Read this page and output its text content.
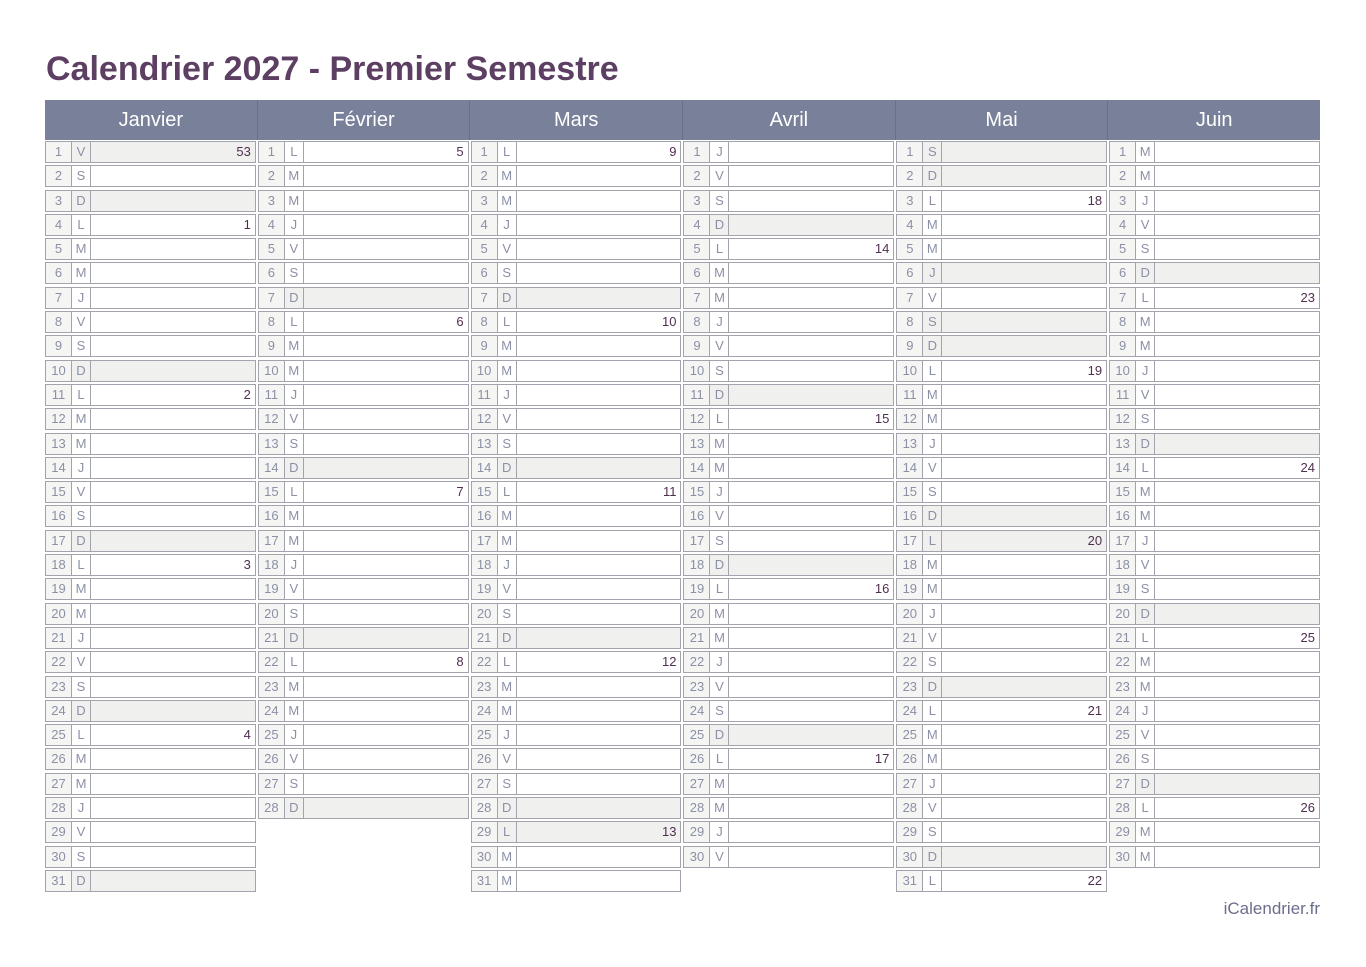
Calendrier 2027 - Premier Semestre
Janvier	Février	Mars	Avril	Mai	Juin
1	V	53
2	S
3	D
4	L	1
5	M
6	M
7	J
8	V
9	S
10 D
11 L	2
12 M
13 M
14 J
15 V
16 S
17 D
18 L	3
19 M
20 M
21 J
22 V
23 S
24 D
25 L	4
26 M
27 M
28 J
29 V
30 S
31 D
1	L	5
2	M
3	M
4	J
5	V
6	S
7	D
8	L	6
9	M
10 M
11 J
12 V
13 S
14 D
15 L	7
16 M
17 M
18 J
19 V
20 S
21 D
22 L	8
23 M
24 M
25 J
26 V
27 S
28 D
1	L	9
2	M
3	M
4	J
5	V
6	S
7	D
8	L	10
9	M
10 M
11 J
12 V
13 S
14 D
15 L	11
16 M
17 M
18 J
19 V
20 S
21 D
22 L	12
23 M
24 M
25 J
26 V
27 S
28 D
29 L	13
30 M
31 M
1	J
2	V
3	S
4	D
5	L	14
6	M
7	M
8	J
9	V
10 S
11 D
12 L	15
13 M
14 M
15 J
16 V
17 S
18 D
19 L	16
20 M
21 M
22 J
23 V
24 S
25 D
26 L	17
27 M
28 M
29 J
30 V
1	S
2	D
3	L	18
4	M
5	M
6	J
7	V
8	S
9	D
10 L	19
11 M
12 M
13 J
14 V
15 S
16 D
17 L	20
18 M
19 M
20 J
21 V
22 S
23 D
24 L	21
25 M
26 M
27 J
28 V
29 S
30 D
31 L	22
1	M
2	M
3	J
4	V
5	S
6	D
7	L	23
8	M
9	M
10 J
11 V
12 S
13 D
14 L	24
15 M
16 M
17 J
18 V
19 S
20 D
21 L	25
22 M
23 M
24 J
25 V
26 S
27 D
28 L	26
29 M
30 M
iCalendrier.fr
